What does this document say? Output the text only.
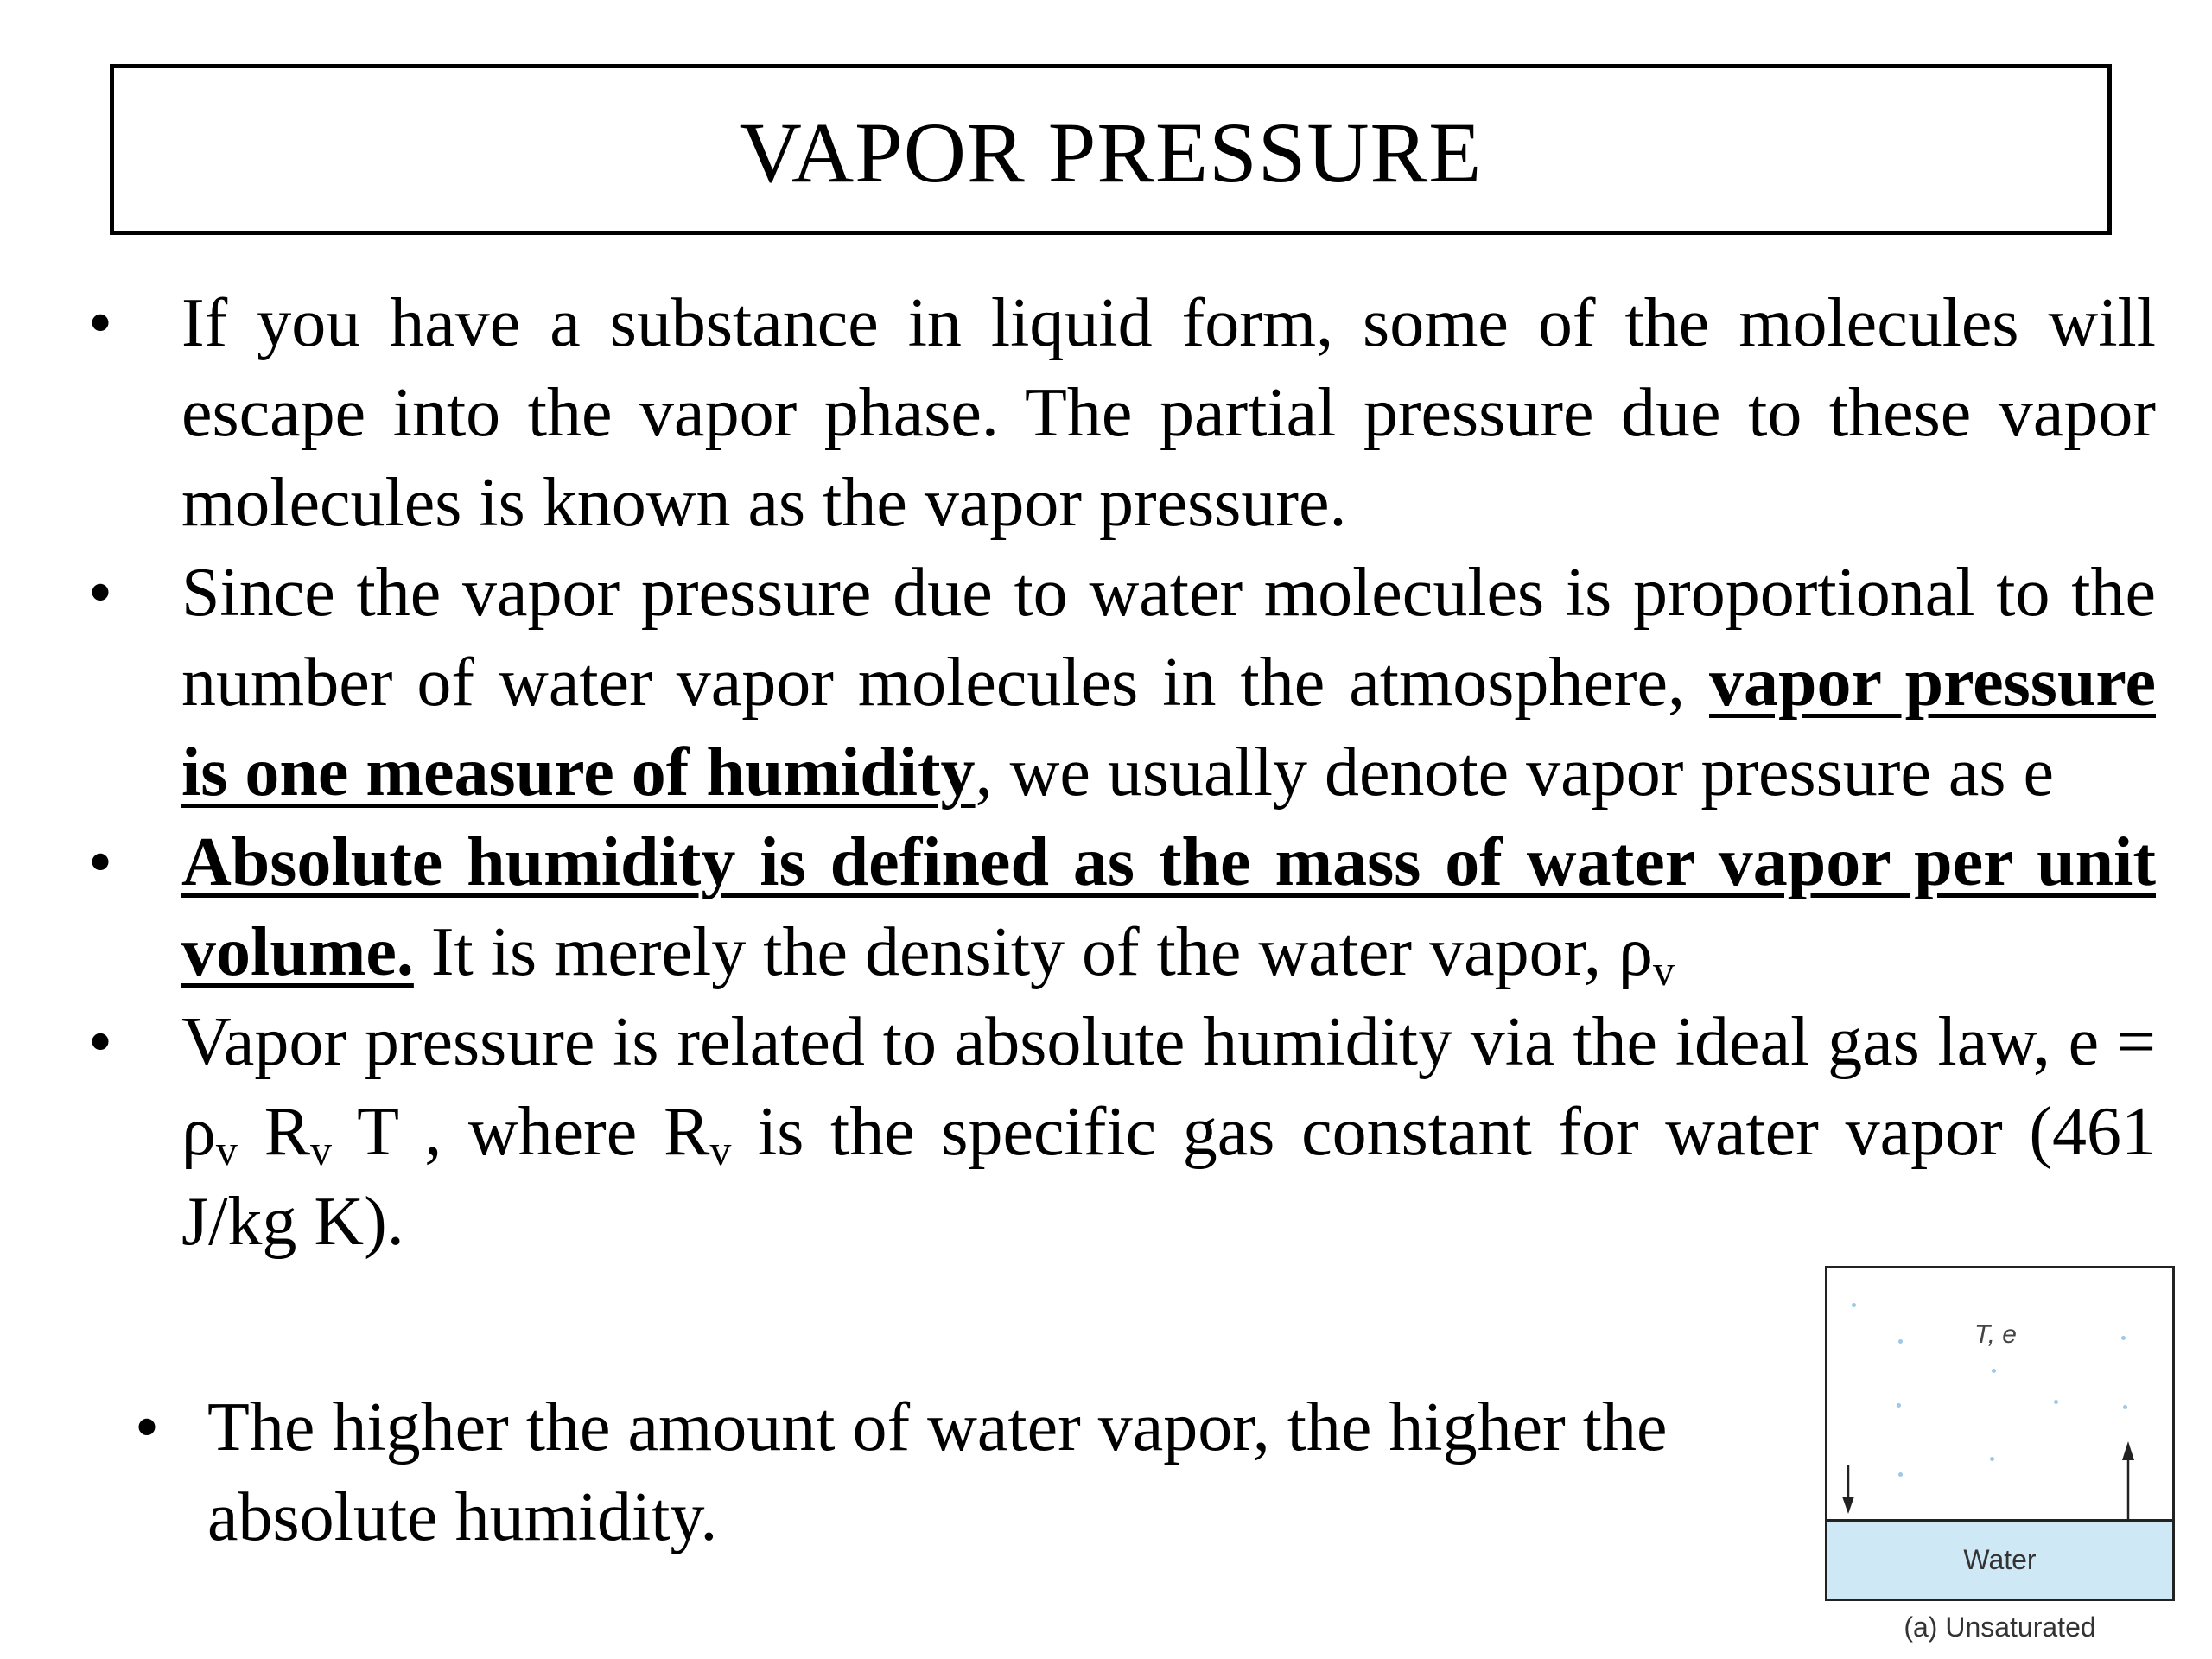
VAPOR PRESSURE
• If you have a substance in liquid form, some of the molecules will escape into the vapor phase. The partial pressure due to these vapor molecules is known as the vapor pressure.
• Since the vapor pressure due to water molecules is proportional to the number of water vapor molecules in the atmosphere, vapor pressure is one measure of humidity, we usually denote vapor pressure as e
• Absolute humidity is defined as the mass of water vapor per unit volume. It is merely the density of the water vapor, $\rho_v$
• Vapor pressure is related to absolute humidity via the ideal gas law, $e = \rho_v$ $R_v$ T , where $R_v$ is the specific gas constant for water vapor (461 J/kg K).
• The higher the amount of water vapor, the higher the absolute humidity.
T, e
Water
(a) Unsaturated
